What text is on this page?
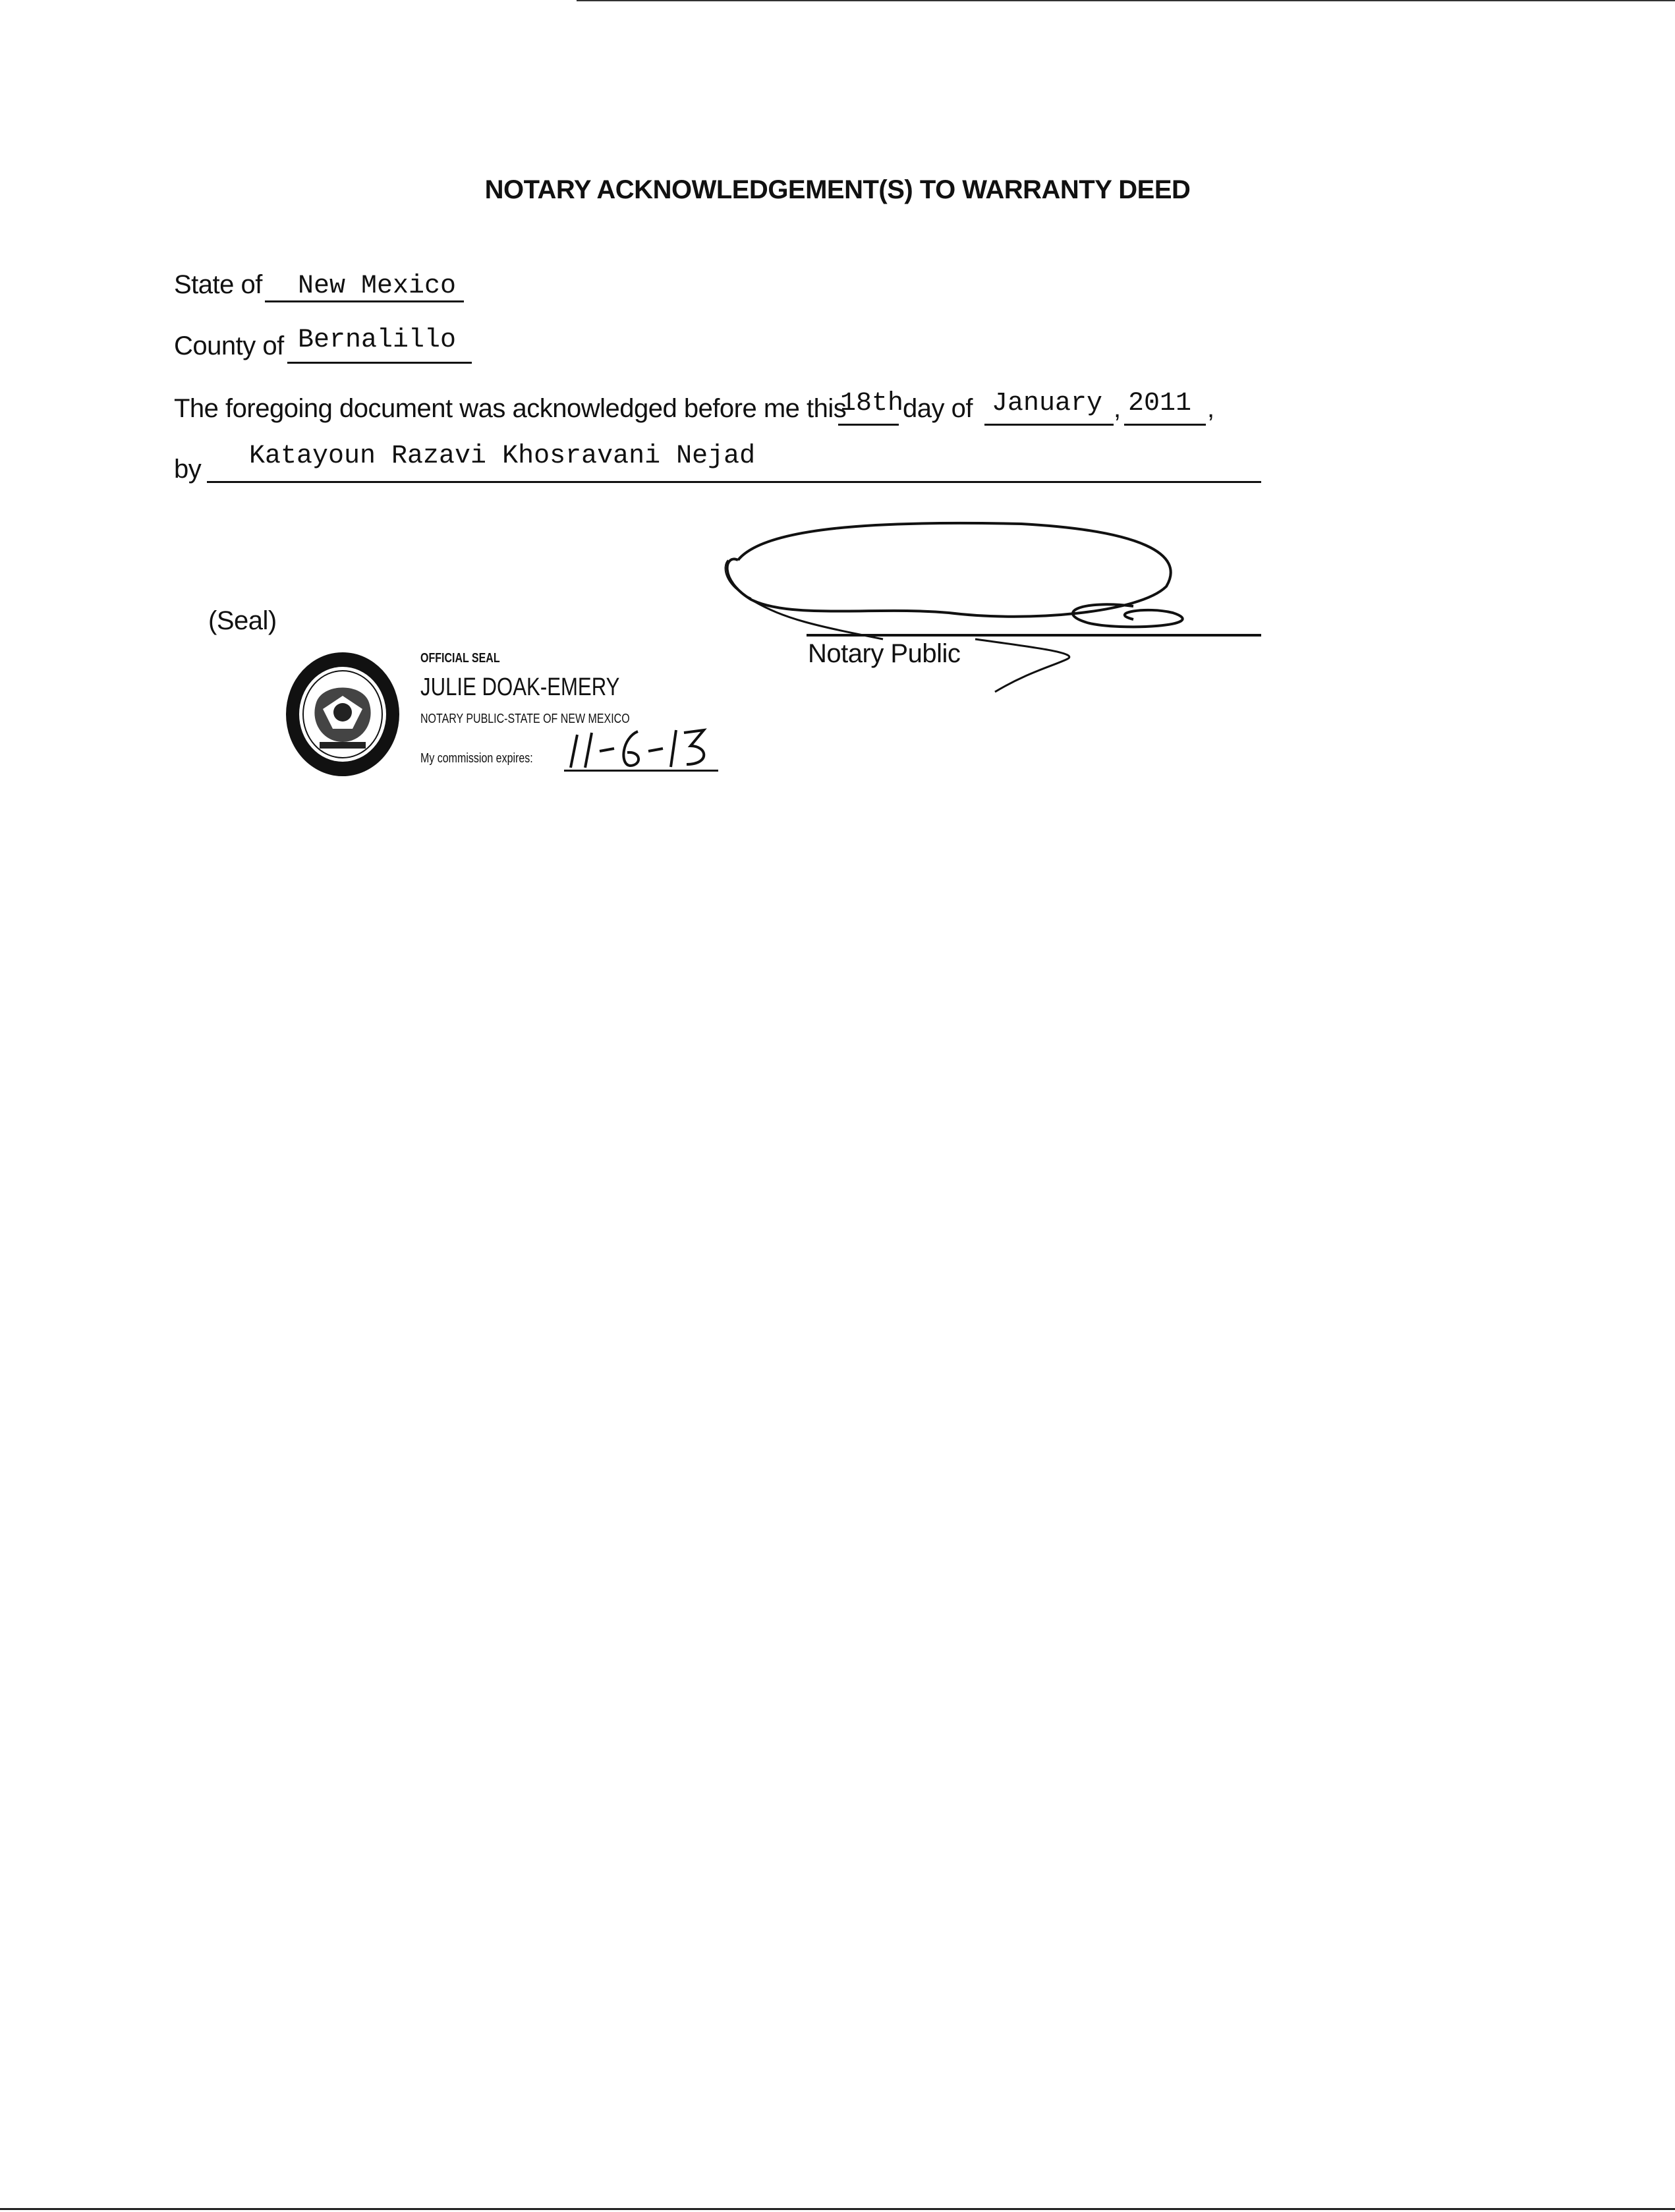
NOTARY ACKNOWLEDGEMENT(S) TO WARRANTY DEED
State of New Mexico
County of Bernalillo
The foregoing document was acknowledged before me this
18th
day of January , 2011 ,
by Katayoun Razavi Khosravani Nejad
Notary Public
(Seal)
OFFICIAL SEAL
JULIE DOAK-EMERY
NOTARY PUBLIC-STATE OF NEW MEXICO
My commission expires:
